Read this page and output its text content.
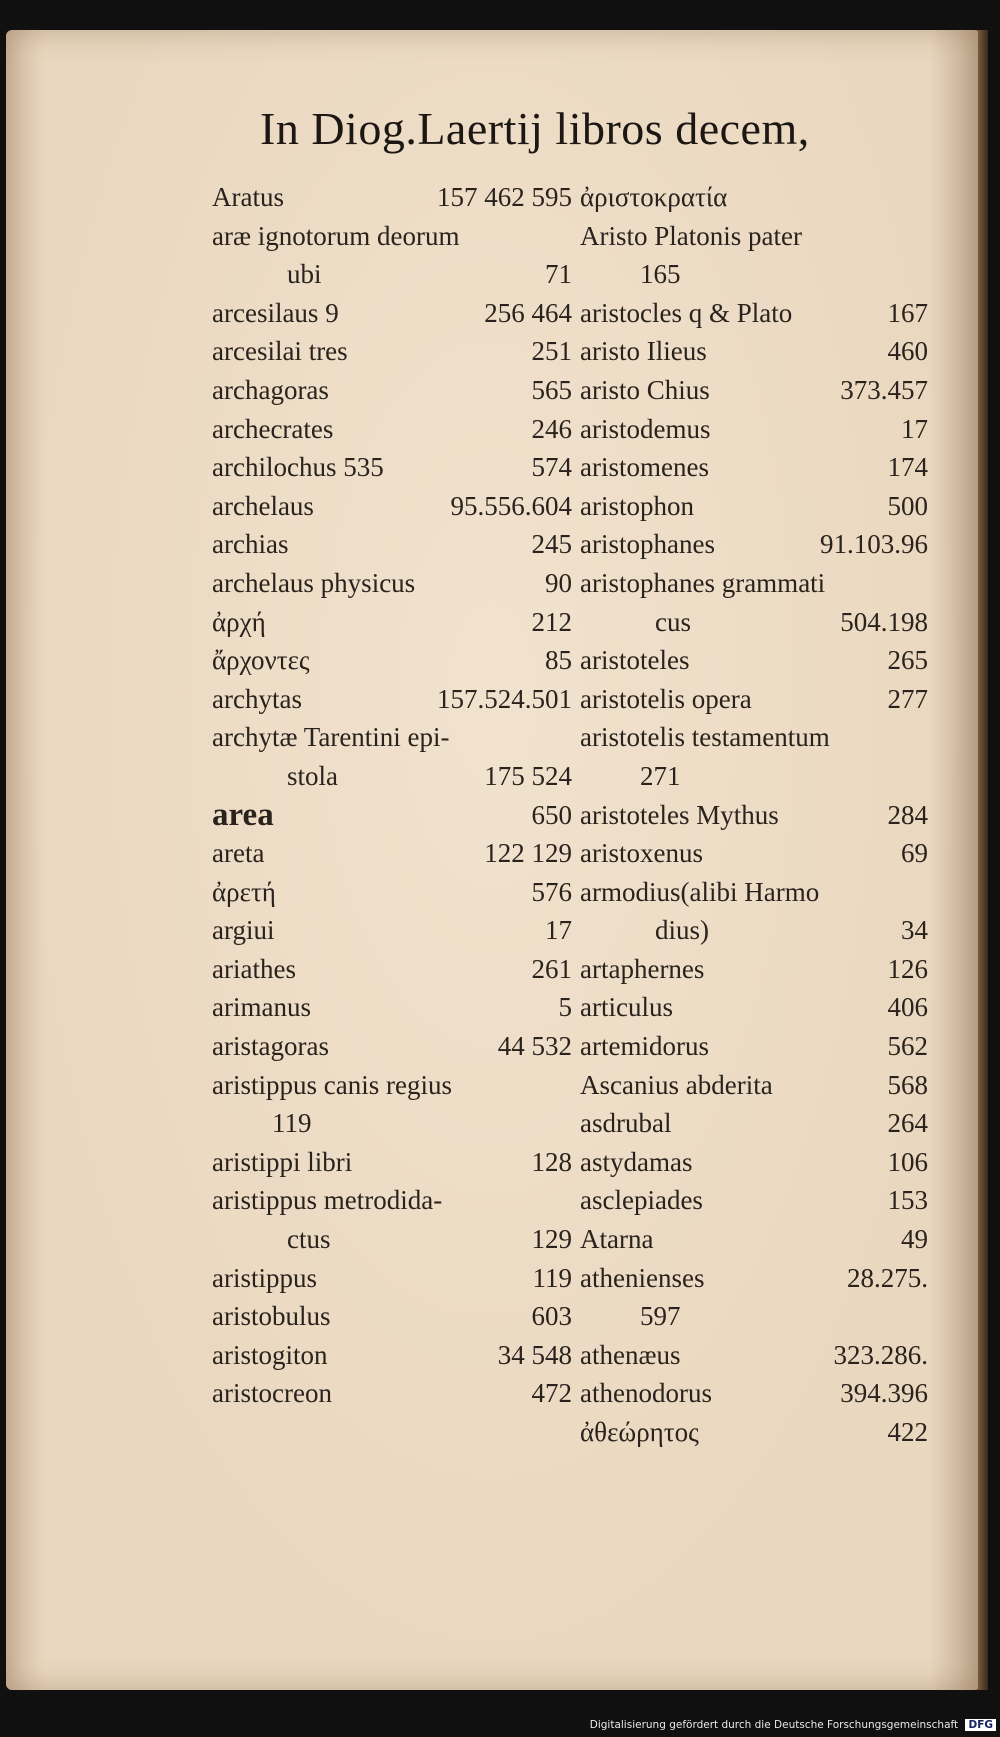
In Diog.Laertij libros decem,
Aratus	157 462 595
aræ ignotorum deorum
ubi	71
arcesilaus 9	256 464
arcesilai tres	251
archagoras	565
archecrates	246
archilochus 535	574
archelaus	95.556.604
archias	245
archelaus physicus	90
ἀρχή	212
ἄρχοντες	85
archytas	157.524.501
archytæ Tarentini epi-
stola	175 524
area	650
areta	122 129
ἀρετή	576
argiui	17
ariathes	261
arimanus	5
aristagoras	44 532
aristippus canis regius
119
aristippi libri	128
aristippus metrodida-
ctus	129
aristippus	119
aristobulus	603
aristogiton	34 548
aristocreon	472
ἀριστοκρατία
Aristo Platonis pater
165
aristocles q & Plato	167
aristo Ilieus	460
aristo Chius	373.457
aristodemus	17
aristomenes	174
aristophon	500
aristophanes	91.103.96
aristophanes grammati
cus	504.198
aristoteles	265
aristotelis opera	277
aristotelis testamentum
271
aristoteles Mythus	284
aristoxenus	69
armodius(alibi Harmo
dius)	34
artaphernes	126
articulus	406
artemidorus	562
Ascanius abderita	568
asdrubal	264
astydamas	106
asclepiades	153
Atarna	49
athenienses	28.275.
597
athenæus	323.286.
athenodorus	394.396
ἀθεώρητος	422
Digitalisierung gefördert durch die Deutsche Forschungsgemeinschaft DFG
